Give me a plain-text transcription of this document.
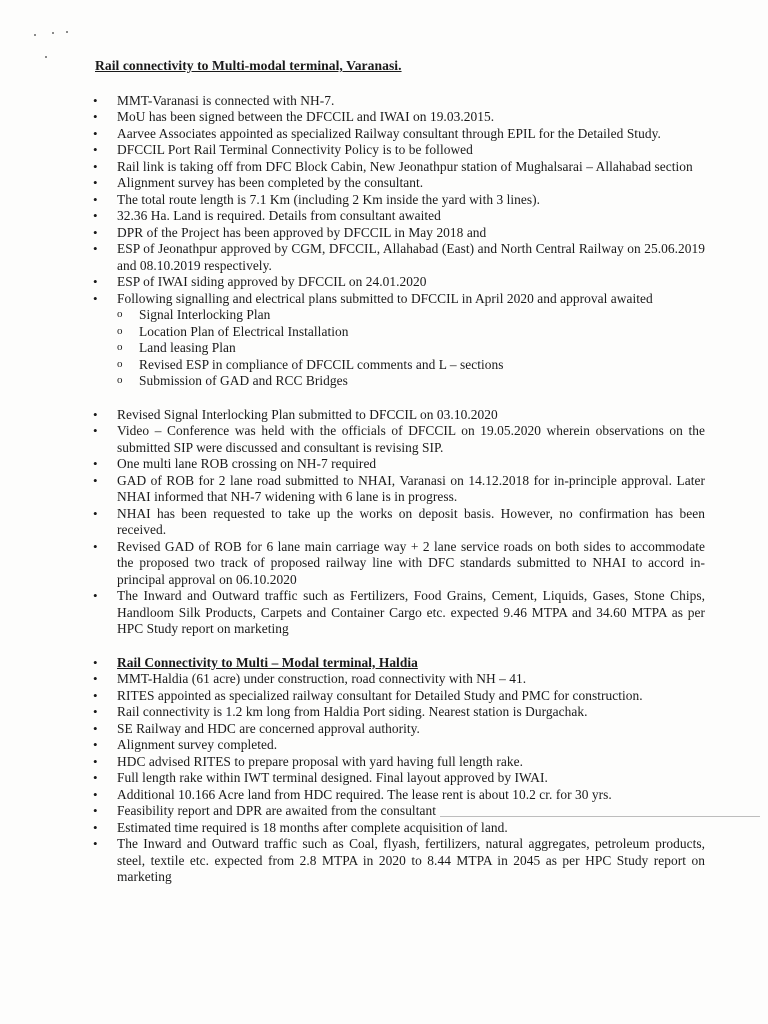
Rail connectivity to Multi-modal terminal, Varanasi.
• MMT-Varanasi is connected with NH-7.
• MoU has been signed between the DFCCIL and IWAI on 19.03.2015.
• Aarvee Associates appointed as specialized Railway consultant through EPIL for the Detailed Study.
• DFCCIL Port Rail Terminal Connectivity Policy is to be followed
• Rail link is taking off from DFC Block Cabin, New Jeonathpur station of Mughalsarai – Allahabad section
• Alignment survey has been completed by the consultant.
• The total route length is 7.1 Km (including 2 Km inside the yard with 3 lines).
• 32.36 Ha. Land is required. Details from consultant awaited
• DPR of the Project has been approved by DFCCIL in May 2018 and
• ESP of Jeonathpur approved by CGM, DFCCIL, Allahabad (East) and North Central Railway on 25.06.2019 and 08.10.2019 respectively.
• ESP of IWAI siding approved by DFCCIL on 24.01.2020
• Following signalling and electrical plans submitted to DFCCIL in April 2020 and approval awaited
o Signal Interlocking Plan
o Location Plan of Electrical Installation
o Land leasing Plan
o Revised ESP in compliance of DFCCIL comments and L – sections
o Submission of GAD and RCC Bridges
• Revised Signal Interlocking Plan submitted to DFCCIL on 03.10.2020
• Video – Conference was held with the officials of DFCCIL on 19.05.2020 wherein observations on the submitted SIP were discussed and consultant is revising SIP.
• One multi lane ROB crossing on NH-7 required
• GAD of ROB for 2 lane road submitted to NHAI, Varanasi on 14.12.2018 for in-principle approval. Later NHAI informed that NH-7 widening with 6 lane is in progress.
• NHAI has been requested to take up the works on deposit basis. However, no confirmation has been received.
• Revised GAD of ROB for 6 lane main carriage way + 2 lane service roads on both sides to accommodate the proposed two track of proposed railway line with DFC standards submitted to NHAI to accord in-principal approval on 06.10.2020
• The Inward and Outward traffic such as Fertilizers, Food Grains, Cement, Liquids, Gases, Stone Chips, Handloom Silk Products, Carpets and Container Cargo etc. expected 9.46 MTPA and 34.60 MTPA as per HPC Study report on marketing
• Rail Connectivity to Multi – Modal terminal, Haldia
• MMT-Haldia (61 acre) under construction, road connectivity with NH – 41.
• RITES appointed as specialized railway consultant for Detailed Study and PMC for construction.
• Rail connectivity is 1.2 km long from Haldia Port siding. Nearest station is Durgachak.
• SE Railway and HDC are concerned approval authority.
• Alignment survey completed.
• HDC advised RITES to prepare proposal with yard having full length rake.
• Full length rake within IWT terminal designed. Final layout approved by IWAI.
• Additional 10.166 Acre land from HDC required. The lease rent is about 10.2 cr. for 30 yrs.
• Feasibility report and DPR are awaited from the consultant
• Estimated time required is 18 months after complete acquisition of land.
• The Inward and Outward traffic such as Coal, flyash, fertilizers, natural aggregates, petroleum products, steel, textile etc. expected from 2.8 MTPA in 2020 to 8.44 MTPA in 2045 as per HPC Study report on marketing
